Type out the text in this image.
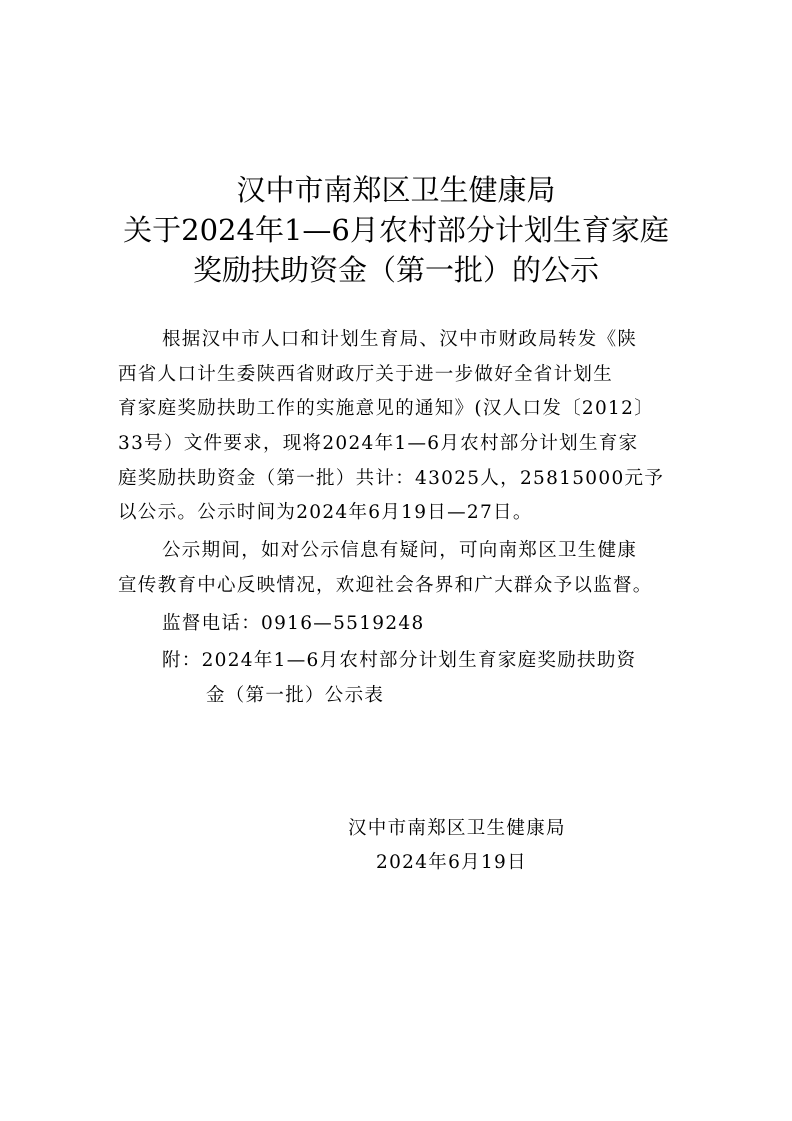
汉中市南郑区卫生健康局
关于2024年1—6月农村部分计划生育家庭
奖励扶助资金（第一批）的公示
根据汉中市人口和计划生育局、汉中市财政局转发《陕
西省人口计生委陕西省财政厅关于进一步做好全省计划生
育家庭奖励扶助工作的实施意见的通知》(汉人口发〔2012〕
33号）文件要求，现将2024年1—6月农村部分计划生育家
庭奖励扶助资金（第一批）共计：43025人，25815000元予
以公示。公示时间为2024年6月19日—27日。
公示期间，如对公示信息有疑问，可向南郑区卫生健康
宣传教育中心反映情况，欢迎社会各界和广大群众予以监督。
监督电话：0916—5519248
附：2024年1—6月农村部分计划生育家庭奖励扶助资
金（第一批）公示表
汉中市南郑区卫生健康局
2024年6月19日
